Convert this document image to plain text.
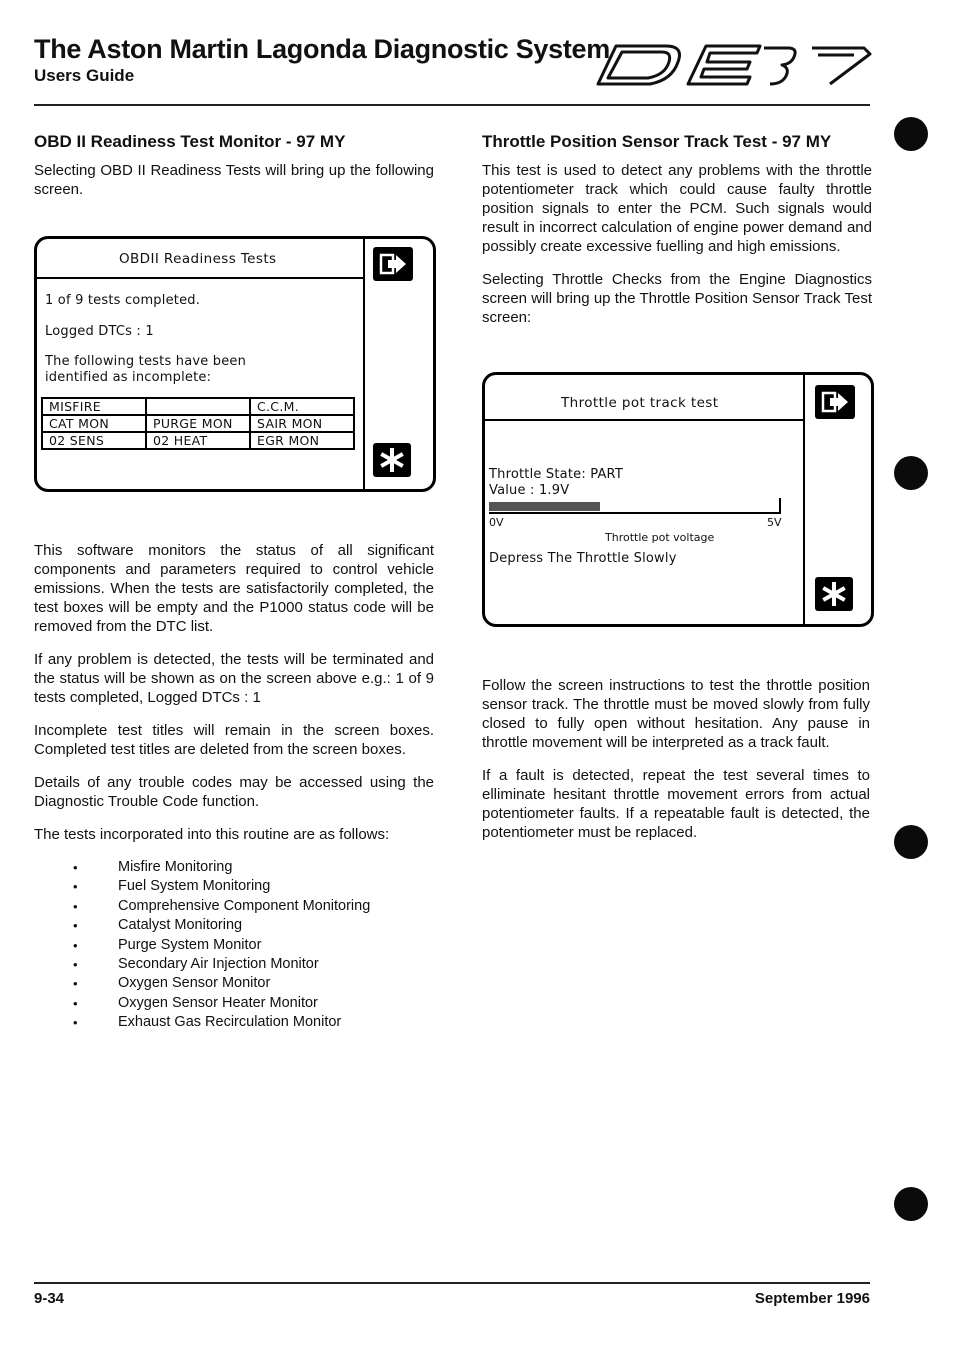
The Aston Martin Lagonda Diagnostic System
Users Guide
OBD II Readiness Test Monitor - 97 MY

Selecting OBD II Readiness Tests will bring up the following screen.

OBDII Readiness Tests
1 of 9 tests completed.
Logged DTCs : 1
The following tests have been
identified as incomplete:
MISFIRE		C.C.M.
CAT MON	PURGE MON	SAIR MON
02 SENS	02 HEAT	EGR MON

This software monitors the status of all significant components and parameters required to control vehicle emissions. When the tests are satisfactorily completed, the test boxes will be empty and the P1000 status code will be removed from the DTC list.

If any problem is detected, the tests will be terminated and the status will be shown as on the screen above e.g.: 1 of 9 tests completed, Logged DTCs : 1

Incomplete test titles will remain in the screen boxes. Completed test titles are deleted from the screen boxes.

Details of any trouble codes may be accessed using the Diagnostic Trouble Code function.

The tests incorporated into this routine are as follows:

• Misfire Monitoring
• Fuel System Monitoring
• Comprehensive Component Monitoring
• Catalyst Monitoring
• Purge System Monitor
• Secondary Air Injection Monitor
• Oxygen Sensor Monitor
• Oxygen Sensor Heater Monitor
• Exhaust Gas Recirculation Monitor
Throttle Position Sensor Track Test - 97 MY

This test is used to detect any problems with the throttle potentiometer track which could cause faulty throttle position signals to enter the PCM. Such signals would result in incorrect calculation of engine power demand and possibly create excessive fuelling and high emissions.

Selecting Throttle Checks from the Engine Diagnostics screen will bring up the Throttle Position Sensor Track Test screen:

Throttle pot track test
Throttle State: PART
Value : 1.9V
0V	5V
Throttle pot voltage
Depress The Throttle Slowly

Follow the screen instructions to test the throttle position sensor track. The throttle must be moved slowly from fully closed to fully open without hesitation. Any pause in throttle movement will be interpreted as a track fault.

If a fault is detected, repeat the test several times to elliminate hesitant throttle movement errors from actual potentiometer faults. If a repeatable fault is detected, the potentiometer must be replaced.

9-34	September 1996
